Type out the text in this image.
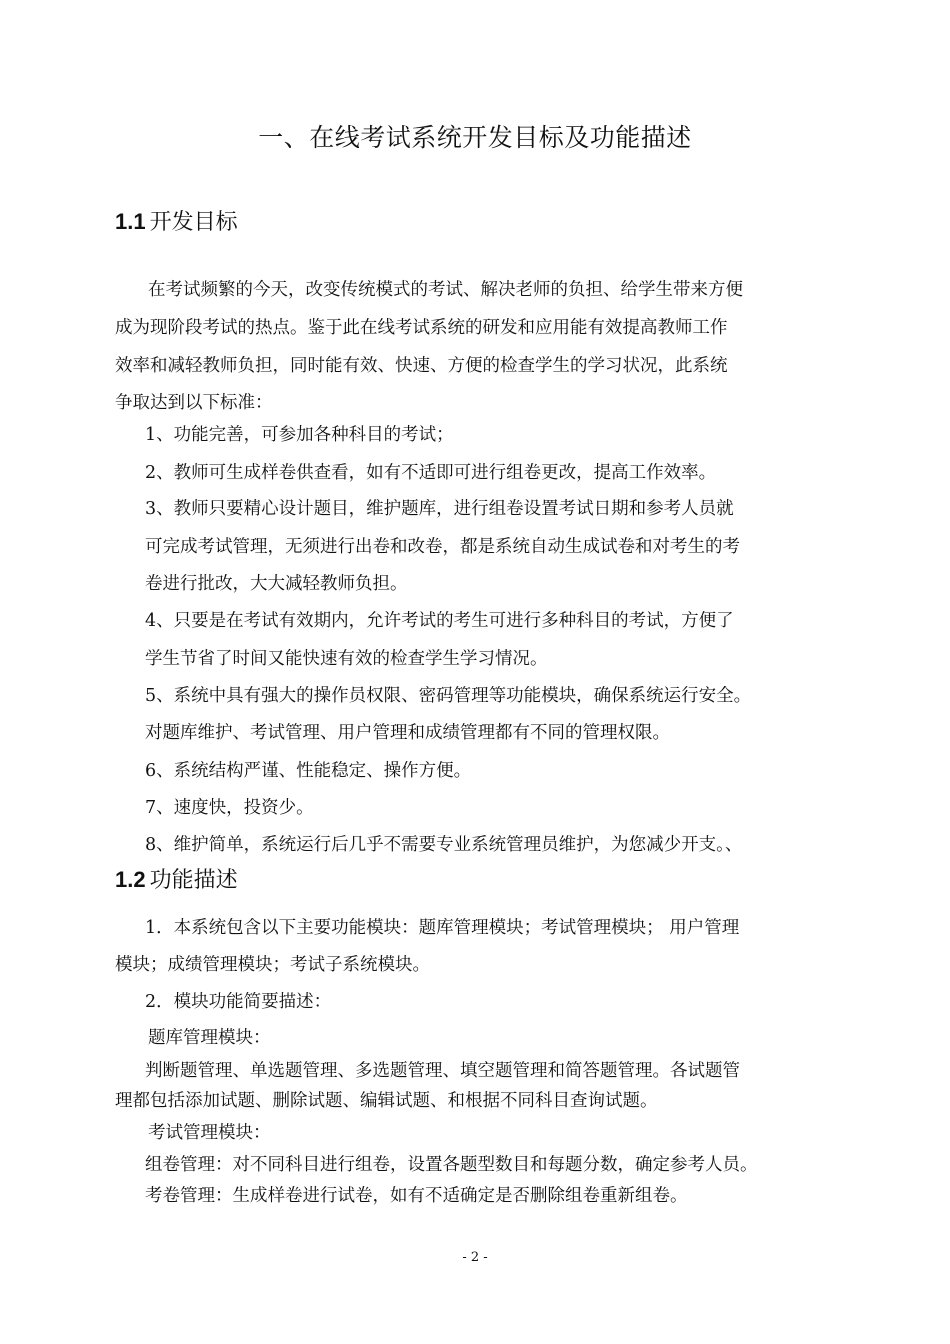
一、在线考试系统开发目标及功能描述
1.1 开发目标
在考试频繁的今天，改变传统模式的考试、解决老师的负担、给学生带来方便
成为现阶段考试的热点。鉴于此在线考试系统的研发和应用能有效提高教师工作
效率和减轻教师负担，同时能有效、快速、方便的检查学生的学习状况，此系统
争取达到以下标准：
1、功能完善，可参加各种科目的考试；
2、教师可生成样卷供查看，如有不适即可进行组卷更改，提高工作效率。
3、教师只要精心设计题目，维护题库，进行组卷设置考试日期和参考人员就
可完成考试管理，无须进行出卷和改卷，都是系统自动生成试卷和对考生的考
卷进行批改，大大减轻教师负担。
4、只要是在考试有效期内，允许考试的考生可进行多种科目的考试，方便了
学生节省了时间又能快速有效的检查学生学习情况。
5、系统中具有强大的操作员权限、密码管理等功能模块，确保系统运行安全。
对题库维护、考试管理、用户管理和成绩管理都有不同的管理权限。
6、系统结构严谨、性能稳定、操作方便。
7、速度快，投资少。
8、维护简单，系统运行后几乎不需要专业系统管理员维护，为您减少开支。、
1.2 功能描述
1．本系统包含以下主要功能模块：题库管理模块；考试管理模块； 用户管理
模块；成绩管理模块；考试子系统模块。
2．模块功能简要描述：
题库管理模块：
判断题管理、单选题管理、多选题管理、填空题管理和简答题管理。各试题管
理都包括添加试题、删除试题、编辑试题、和根据不同科目查询试题。
考试管理模块：
组卷管理：对不同科目进行组卷，设置各题型数目和每题分数，确定参考人员。
考卷管理：生成样卷进行试卷，如有不适确定是否删除组卷重新组卷。
- 2 -
